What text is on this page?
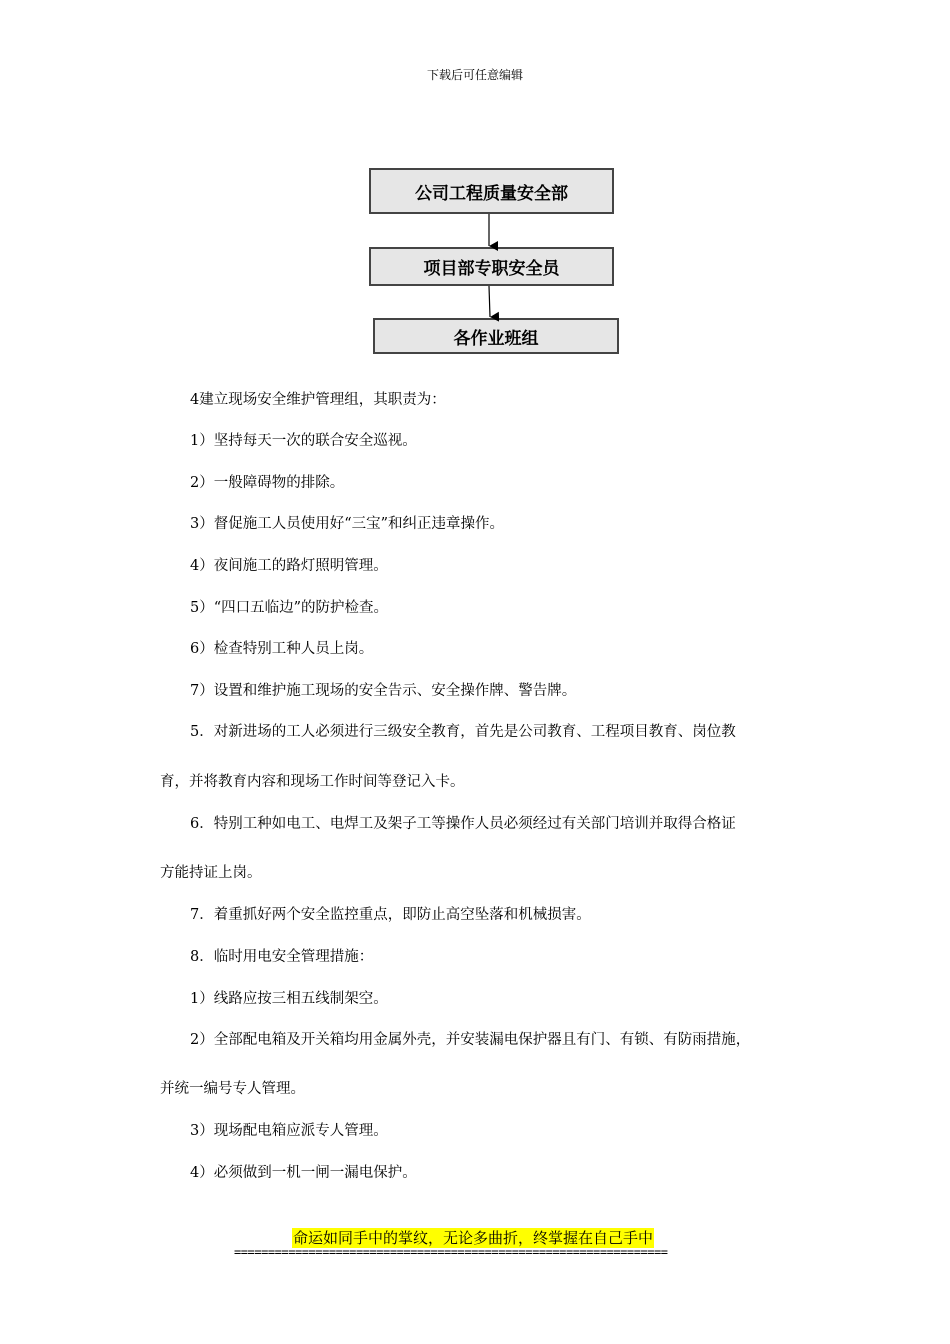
下载后可任意编辑
公司工程质量安全部
项目部专职安全员
各作业班组
4建立现场安全维护管理组，其职责为：
1）坚持每天一次的联合安全巡视。
2）一般障碍物的排除。
3）督促施工人员使用好“三宝”和纠正违章操作。
4）夜间施工的路灯照明管理。
5）“四口五临边”的防护检查。
6）检查特别工种人员上岗。
7）设置和维护施工现场的安全告示、安全操作牌、警告牌。
5．对新进场的工人必须进行三级安全教育，首先是公司教育、工程项目教育、岗位教
育，并将教育内容和现场工作时间等登记入卡。
6．特别工种如电工、电焊工及架子工等操作人员必须经过有关部门培训并取得合格证
方能持证上岗。
7．着重抓好两个安全监控重点，即防止高空坠落和机械损害。
8．临时用电安全管理措施：
1）线路应按三相五线制架空。
2）全部配电箱及开关箱均用金属外壳，并安装漏电保护器且有门、有锁、有防雨措施，
并统一编号专人管理。
3）现场配电箱应派专人管理。
4）必须做到一机一闸一漏电保护。
命运如同手中的掌纹，无论多曲折，终掌握在自己手中
================================================================
